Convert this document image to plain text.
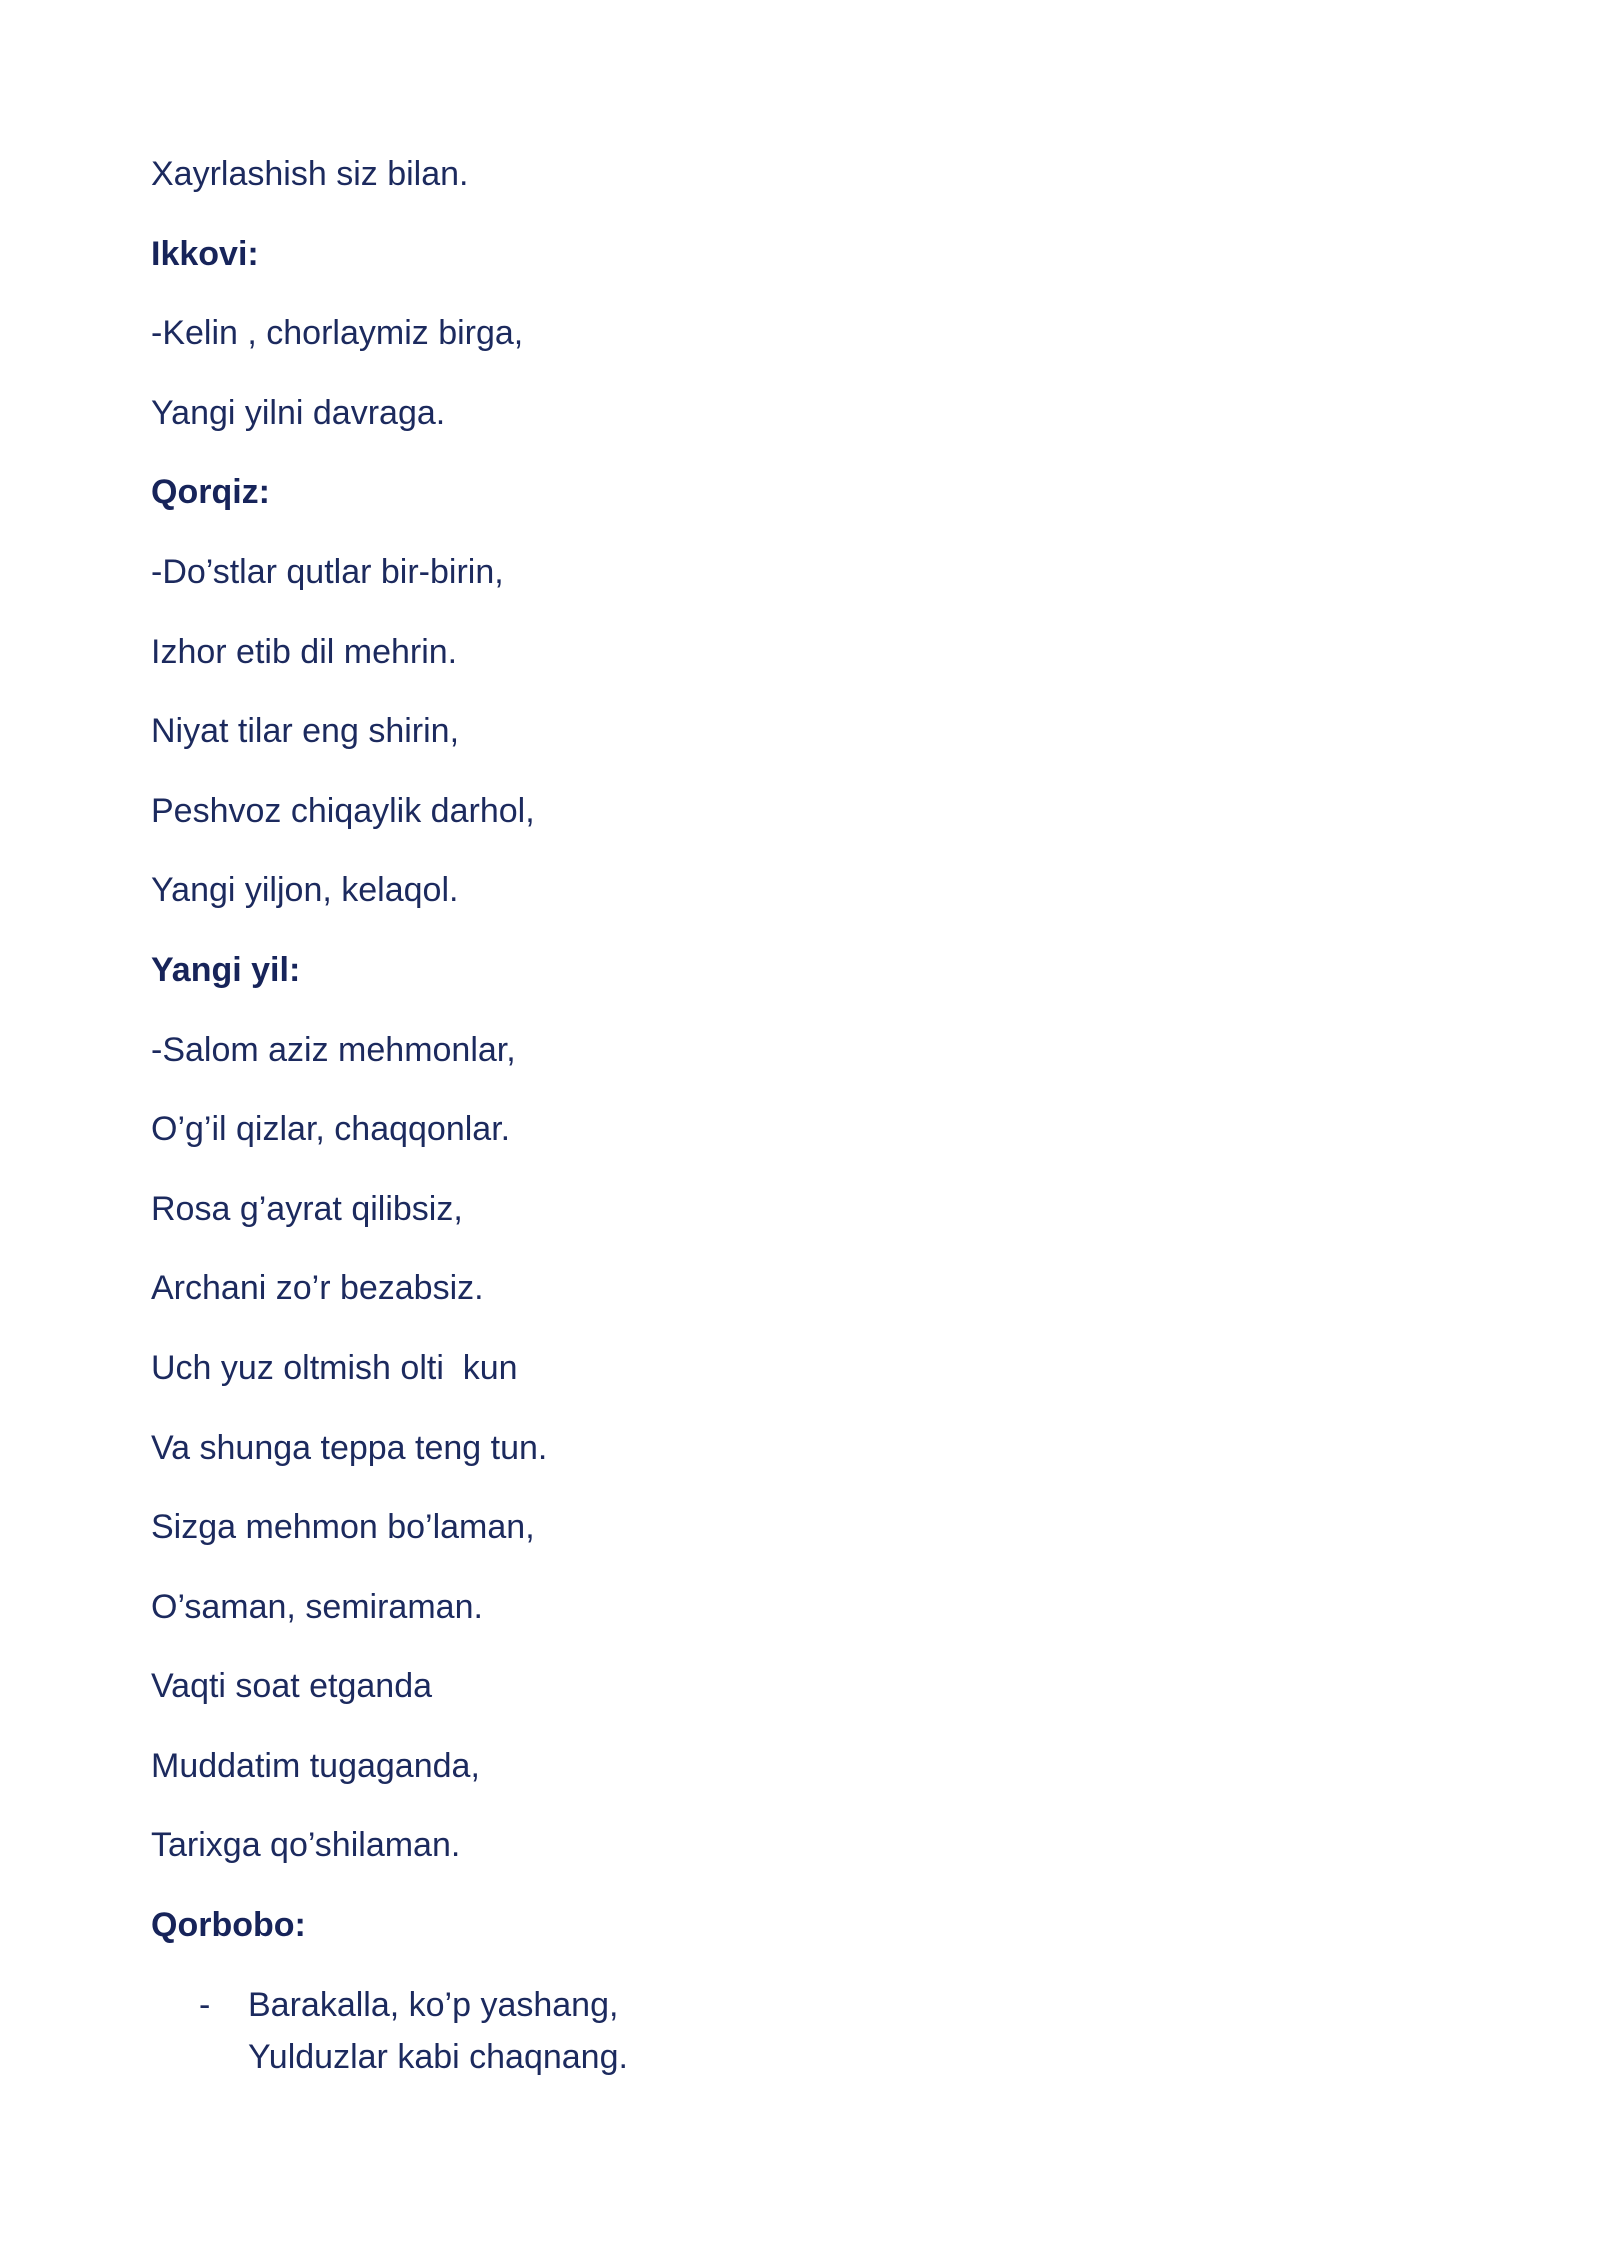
Xayrlashish siz bilan.
Ikkovi:
-Kelin , chorlaymiz birga,
Yangi yilni davraga.
Qorqiz:
-Do’stlar qutlar bir-birin,
Izhor etib dil mehrin.
Niyat tilar eng shirin,
Peshvoz chiqaylik darhol,
Yangi yiljon, kelaqol.
Yangi yil:
-Salom aziz mehmonlar,
O’g’il qizlar, chaqqonlar.
Rosa g’ayrat qilibsiz,
Archani zo’r bezabsiz.
Uch yuz oltmish olti  kun
Va shunga teppa teng tun.
Sizga mehmon bo’laman,
O’saman, semiraman.
Vaqti soat etganda
Muddatim tugaganda,
Tarixga qo’shilaman.
Qorbobo:
- Barakalla, ko’p yashang,
Yulduzlar kabi chaqnang.
